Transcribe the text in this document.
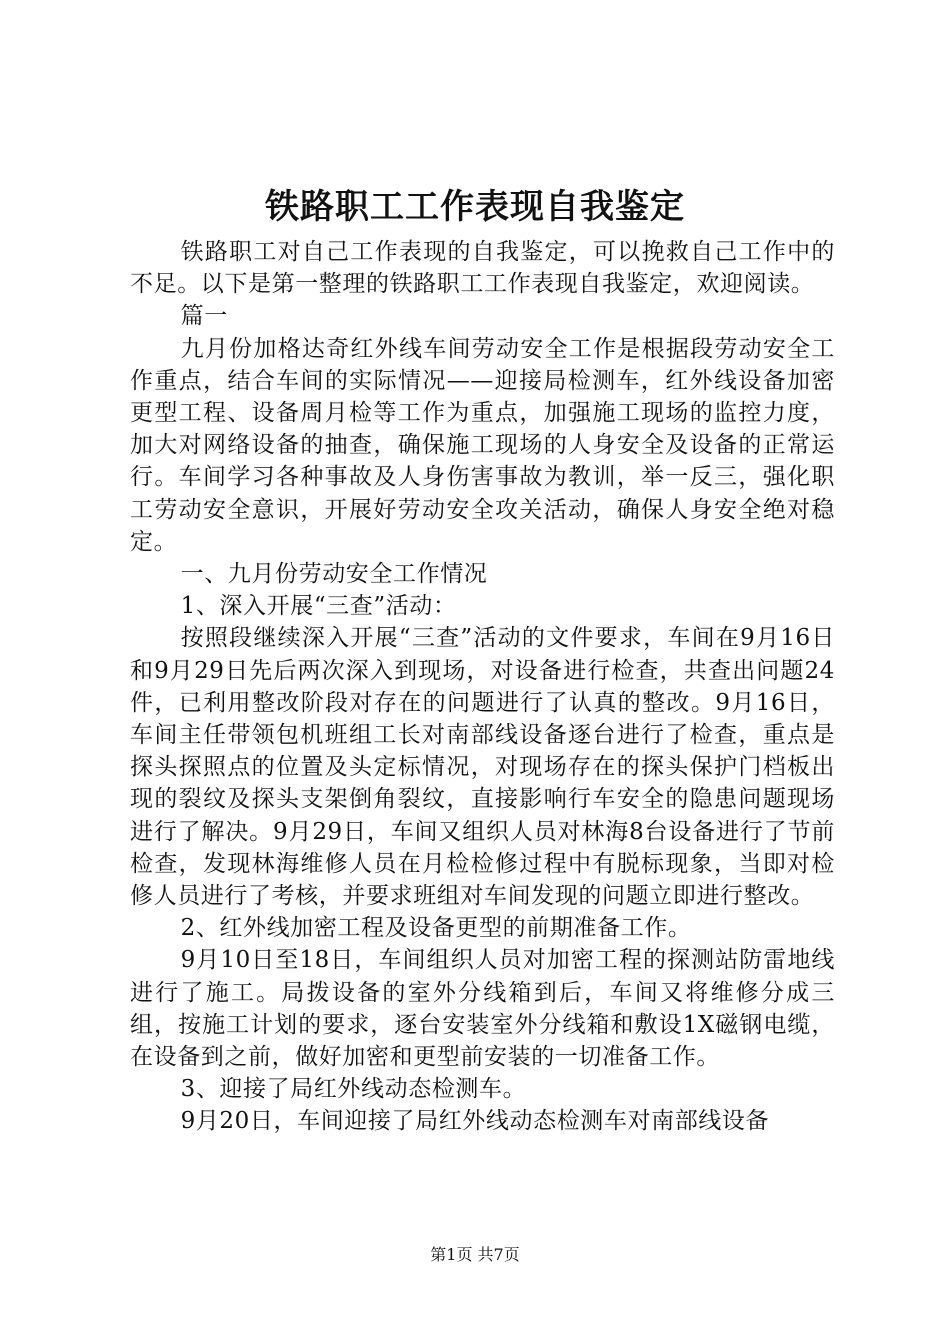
铁路职工工作表现自我鉴定

铁路职工对自己工作表现的自我鉴定，可以挽救自己工作中的不足。以下是第一整理的铁路职工工作表现自我鉴定，欢迎阅读。

篇一

九月份加格达奇红外线车间劳动安全工作是根据段劳动安全工作重点，结合车间的实际情况——迎接局检测车，红外线设备加密更型工程、设备周月检等工作为重点，加强施工现场的监控力度，加大对网络设备的抽查，确保施工现场的人身安全及设备的正常运行。车间学习各种事故及人身伤害事故为教训，举一反三，强化职工劳动安全意识，开展好劳动安全攻关活动，确保人身安全绝对稳定。

一、九月份劳动安全工作情况

1、深入开展“三查”活动：

按照段继续深入开展“三查”活动的文件要求，车间在9月16日和9月29日先后两次深入到现场，对设备进行检查，共查出问题24件，已利用整改阶段对存在的问题进行了认真的整改。9月16日，车间主任带领包机班组工长对南部线设备逐台进行了检查，重点是探头探照点的位置及头定标情况，对现场存在的探头保护门档板出现的裂纹及探头支架倒角裂纹，直接影响行车安全的隐患问题现场进行了解决。9月29日，车间又组织人员对林海8台设备进行了节前检查，发现林海维修人员在月检检修过程中有脱标现象，当即对检修人员进行了考核，并要求班组对车间发现的问题立即进行整改。

2、红外线加密工程及设备更型的前期准备工作。

9月10日至18日，车间组织人员对加密工程的探测站防雷地线进行了施工。局拨设备的室外分线箱到后，车间又将维修分成三组，按施工计划的要求，逐台安装室外分线箱和敷设1X磁钢电缆，在设备到之前，做好加密和更型前安装的一切准备工作。

3、迎接了局红外线动态检测车。

9月20日，车间迎接了局红外线动态检测车对南部线设备

第1页 共7页
